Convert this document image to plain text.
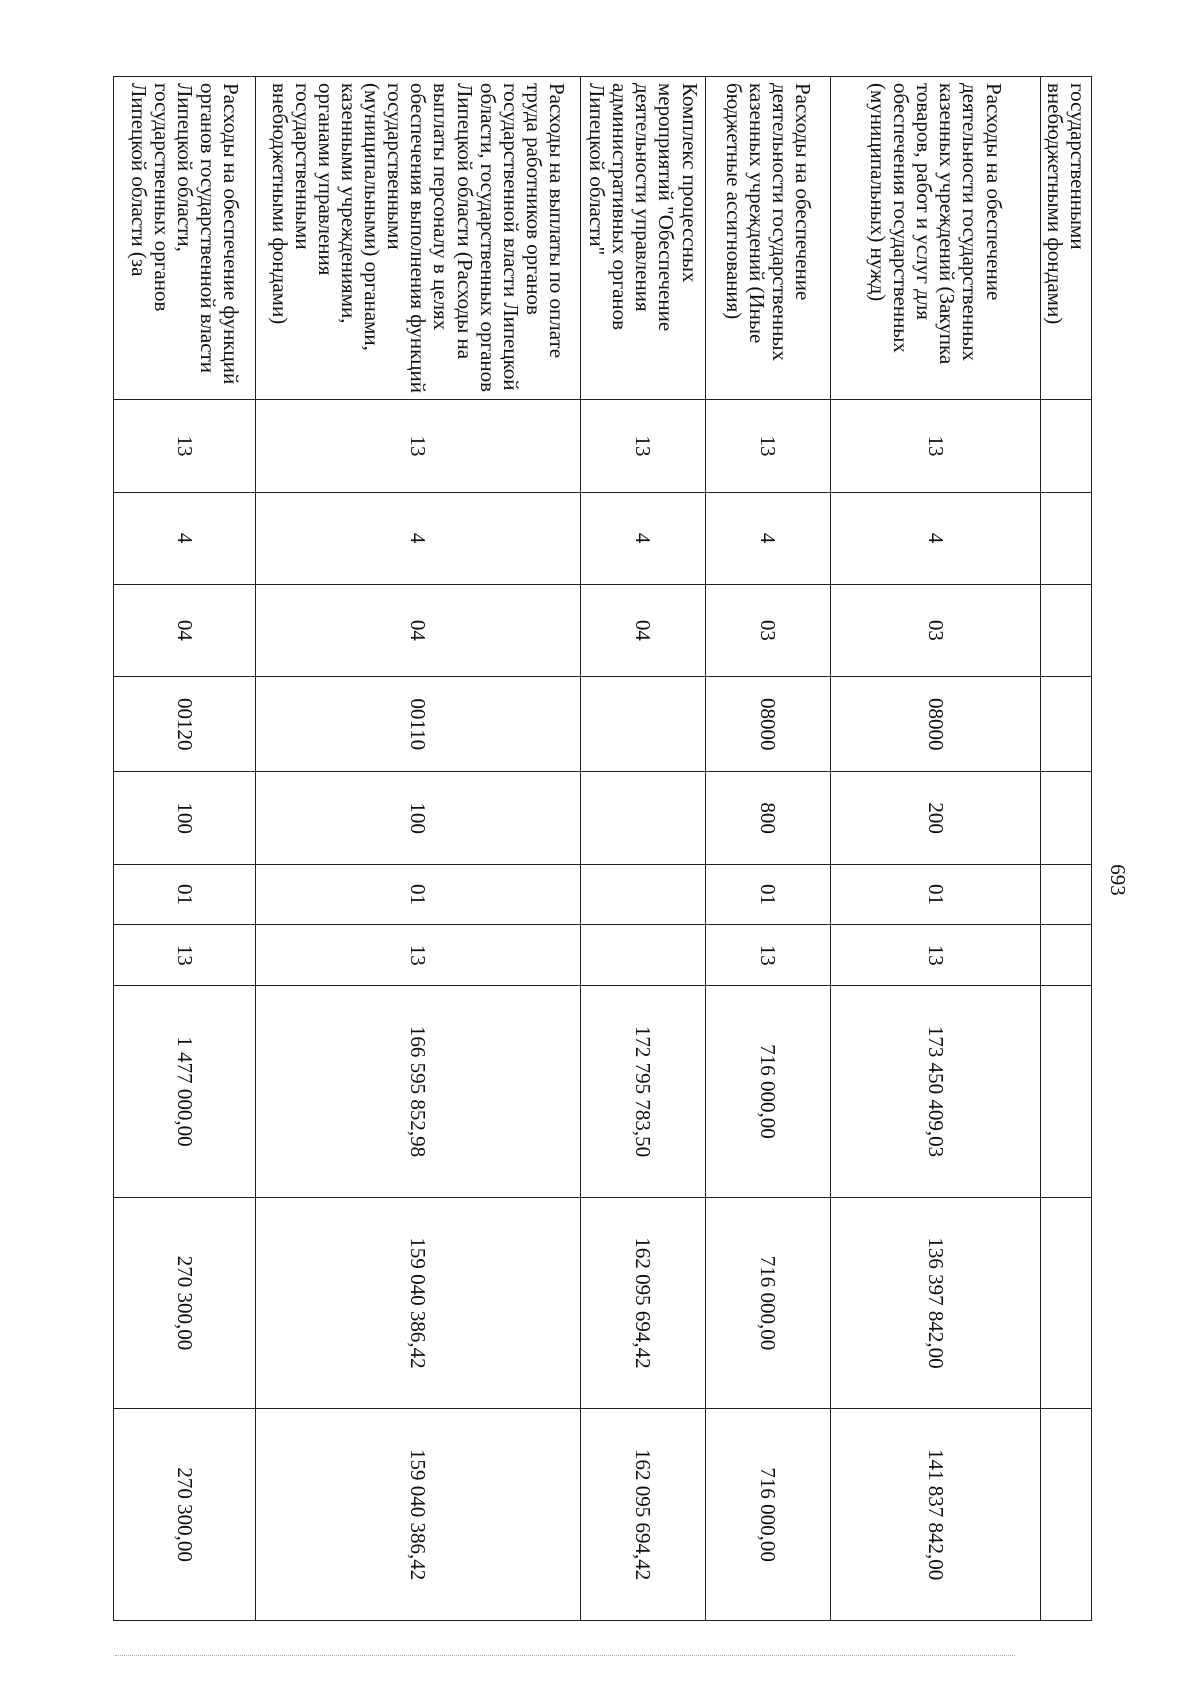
693
государственными внебюджетными фондами)										
Расходы на обеспечение деятельности государственных казенных учреждений (Закупка товаров, работ и услуг для обеспечения государственных (муниципальных) нужд)	13	4	03	08000	200	01	13	173 450 409,03	136 397 842,00	141 837 842,00
Расходы на обеспечение деятельности государственных казенных учреждений (Иные бюджетные ассигнования)	13	4	03	08000	800	01	13	716 000,00	716 000,00	716 000,00
Комплекс процессных мероприятий "Обеспечение деятельности управления административных органов Липецкой области"	13	4	04					172 795 783,50	162 095 694,42	162 095 694,42
Расходы на выплаты по оплате труда работников органов государственной власти Липецкой области, государственных органов Липецкой области (Расходы на выплаты персоналу в целях обеспечения выполнения функций государственными (муниципальными) органами, казенными учреждениями, органами управления государственными внебюджетными фондами)	13	4	04	00110	100	01	13	166 595 852,98	159 040 386,42	159 040 386,42
Расходы на обеспечение функций органов государственной власти Липецкой области, государственных органов Липецкой области (за	13	4	04	00120	100	01	13	1 477 000,00	270 300,00	270 300,00
